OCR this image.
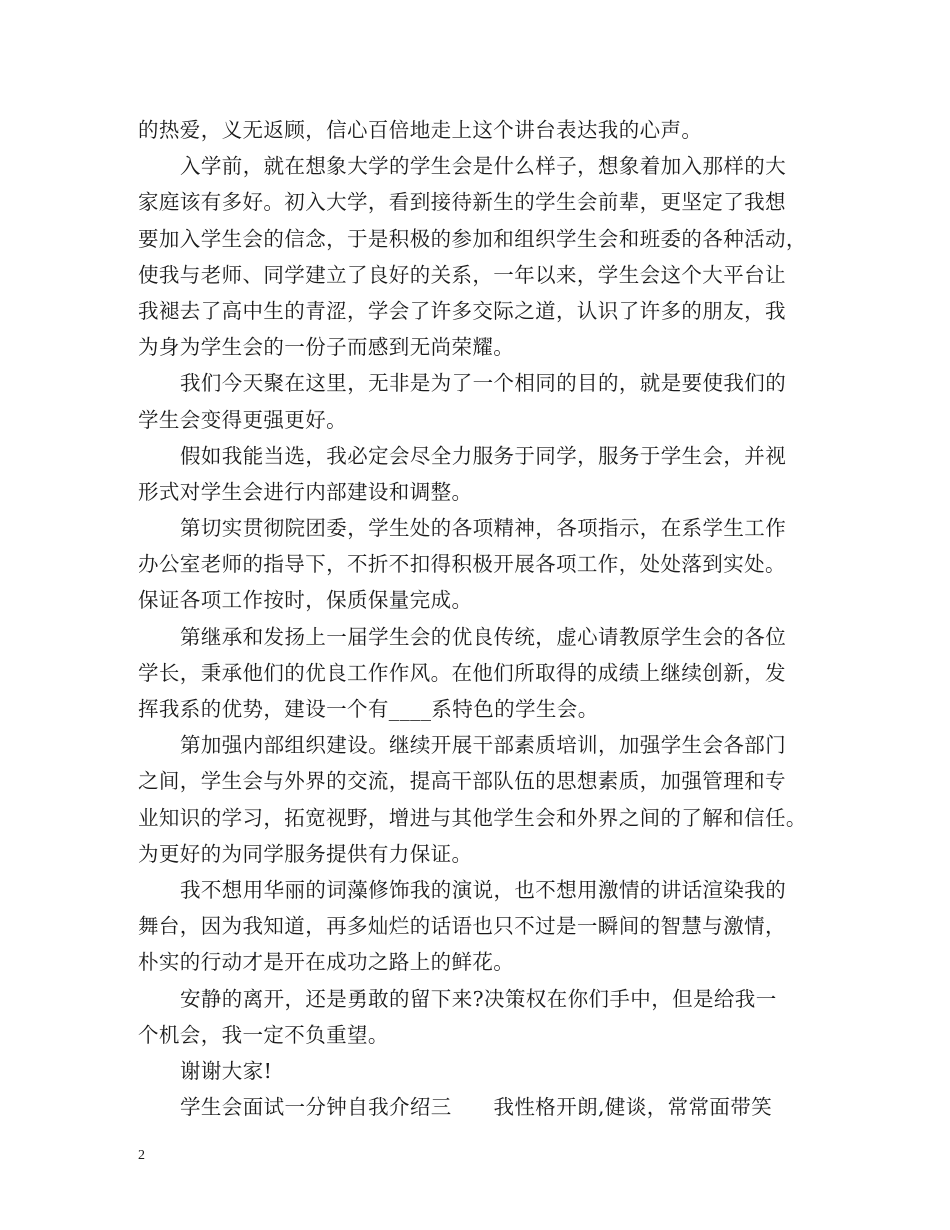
的热爱，义无返顾，信心百倍地走上这个讲台表达我的心声。
入学前，就在想象大学的学生会是什么样子，想象着加入那样的大
家庭该有多好。初入大学，看到接待新生的学生会前辈，更坚定了我想
要加入学生会的信念，于是积极的参加和组织学生会和班委的各种活动，
使我与老师、同学建立了良好的关系，一年以来，学生会这个大平台让
我褪去了高中生的青涩，学会了许多交际之道，认识了许多的朋友，我
为身为学生会的一份子而感到无尚荣耀。
我们今天聚在这里，无非是为了一个相同的目的，就是要使我们的
学生会变得更强更好。
假如我能当选，我必定会尽全力服务于同学，服务于学生会，并视
形式对学生会进行内部建设和调整。
第切实贯彻院团委，学生处的各项精神，各项指示，在系学生工作
办公室老师的指导下，不折不扣得积极开展各项工作，处处落到实处。
保证各项工作按时，保质保量完成。
第继承和发扬上一届学生会的优良传统，虚心请教原学生会的各位
学长，秉承他们的优良工作作风。在他们所取得的成绩上继续创新，发
挥我系的优势，建设一个有____系特色的学生会。
第加强内部组织建设。继续开展干部素质培训，加强学生会各部门
之间，学生会与外界的交流，提高干部队伍的思想素质，加强管理和专
业知识的学习，拓宽视野，增进与其他学生会和外界之间的了解和信任。
为更好的为同学服务提供有力保证。
我不想用华丽的词藻修饰我的演说，也不想用激情的讲话渲染我的
舞台，因为我知道，再多灿烂的话语也只不过是一瞬间的智慧与激情，
朴实的行动才是开在成功之路上的鲜花。
安静的离开，还是勇敢的留下来?决策权在你们手中，但是给我一
个机会，我一定不负重望。
谢谢大家!
学生会面试一分钟自我介绍三　　我性格开朗,健谈，常常面带笑
2
